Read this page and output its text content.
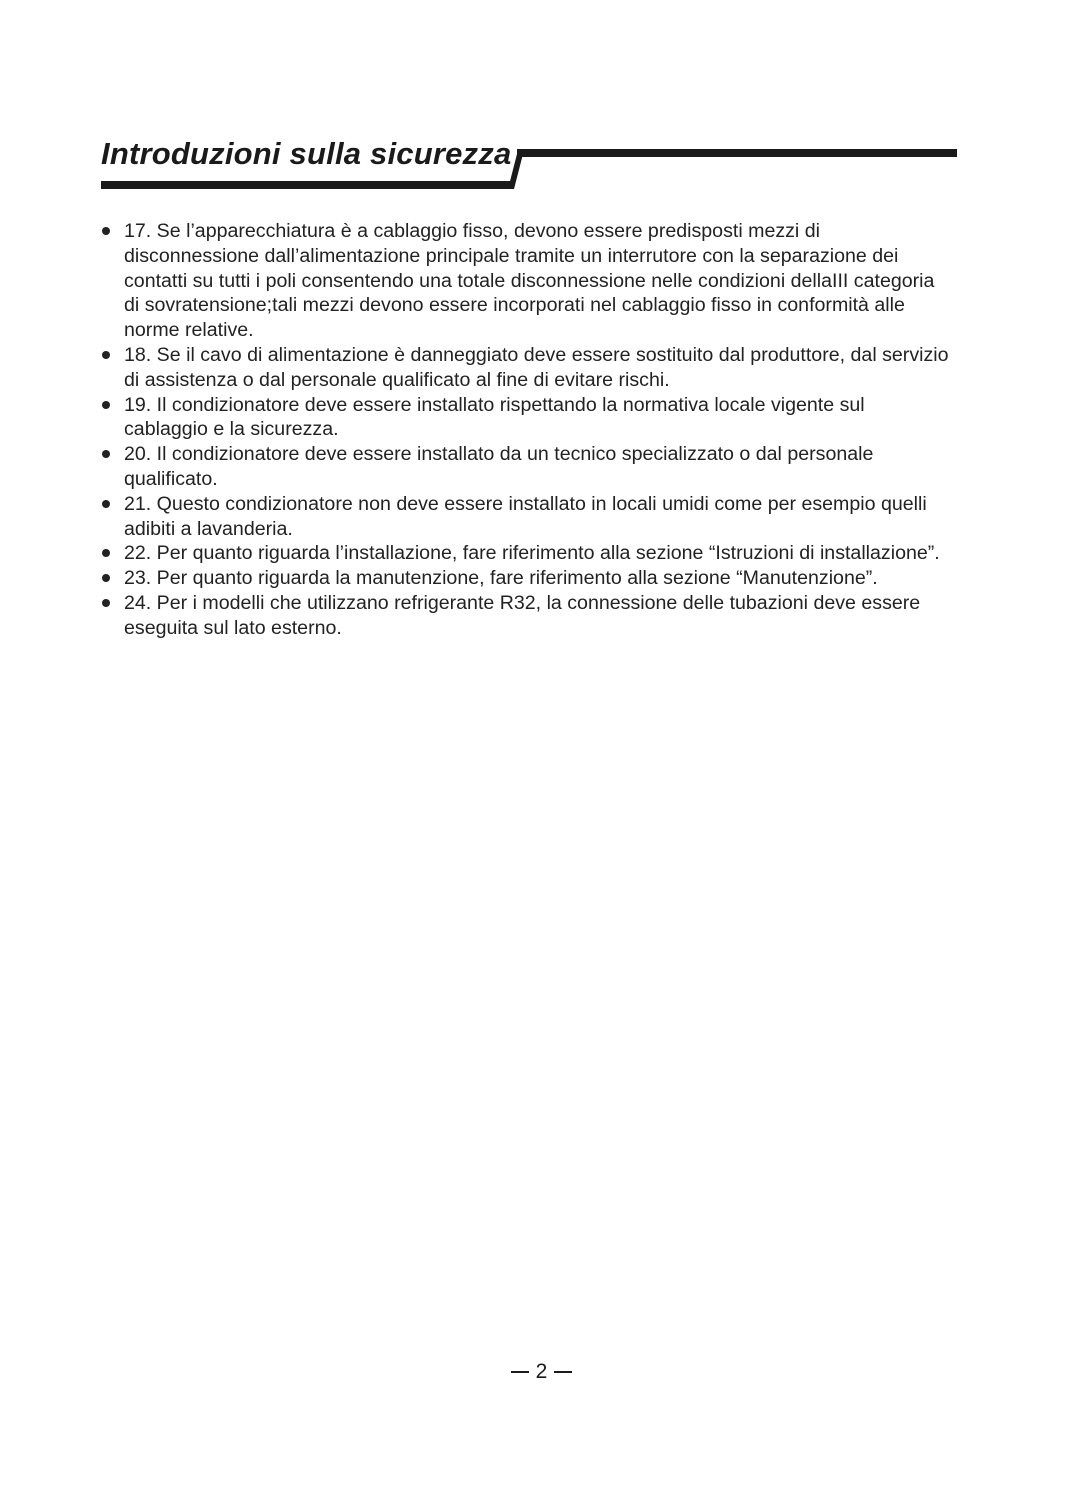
Introduzioni sulla sicurezza
17. Se l’apparecchiatura è a cablaggio fisso, devono essere predisposti mezzi di disconnessione dall’alimentazione principale tramite un interrutore con la separazione dei contatti su tutti i poli consentendo una totale disconnessione nelle condizioni dellaIII categoria di sovratensione;tali mezzi devono essere incorporati nel cablaggio fisso in conformità alle norme relative.
18. Se il cavo di alimentazione è danneggiato deve essere sostituito dal produttore, dal servizio di assistenza o dal personale qualificato al fine di evitare rischi.
19. Il condizionatore deve essere installato rispettando la normativa locale vigente sul cablaggio e la sicurezza.
20. Il condizionatore deve essere installato da un tecnico specializzato o dal personale qualificato.
21. Questo condizionatore non deve essere installato in locali umidi come per esempio quelli adibiti a lavanderia.
22. Per quanto riguarda l’installazione, fare riferimento alla sezione “Istruzioni di installazione”.
23. Per quanto riguarda la manutenzione, fare riferimento alla sezione “Manutenzione”.
24. Per i modelli che utilizzano refrigerante R32, la connessione delle tubazioni deve essere eseguita sul lato esterno.
2
